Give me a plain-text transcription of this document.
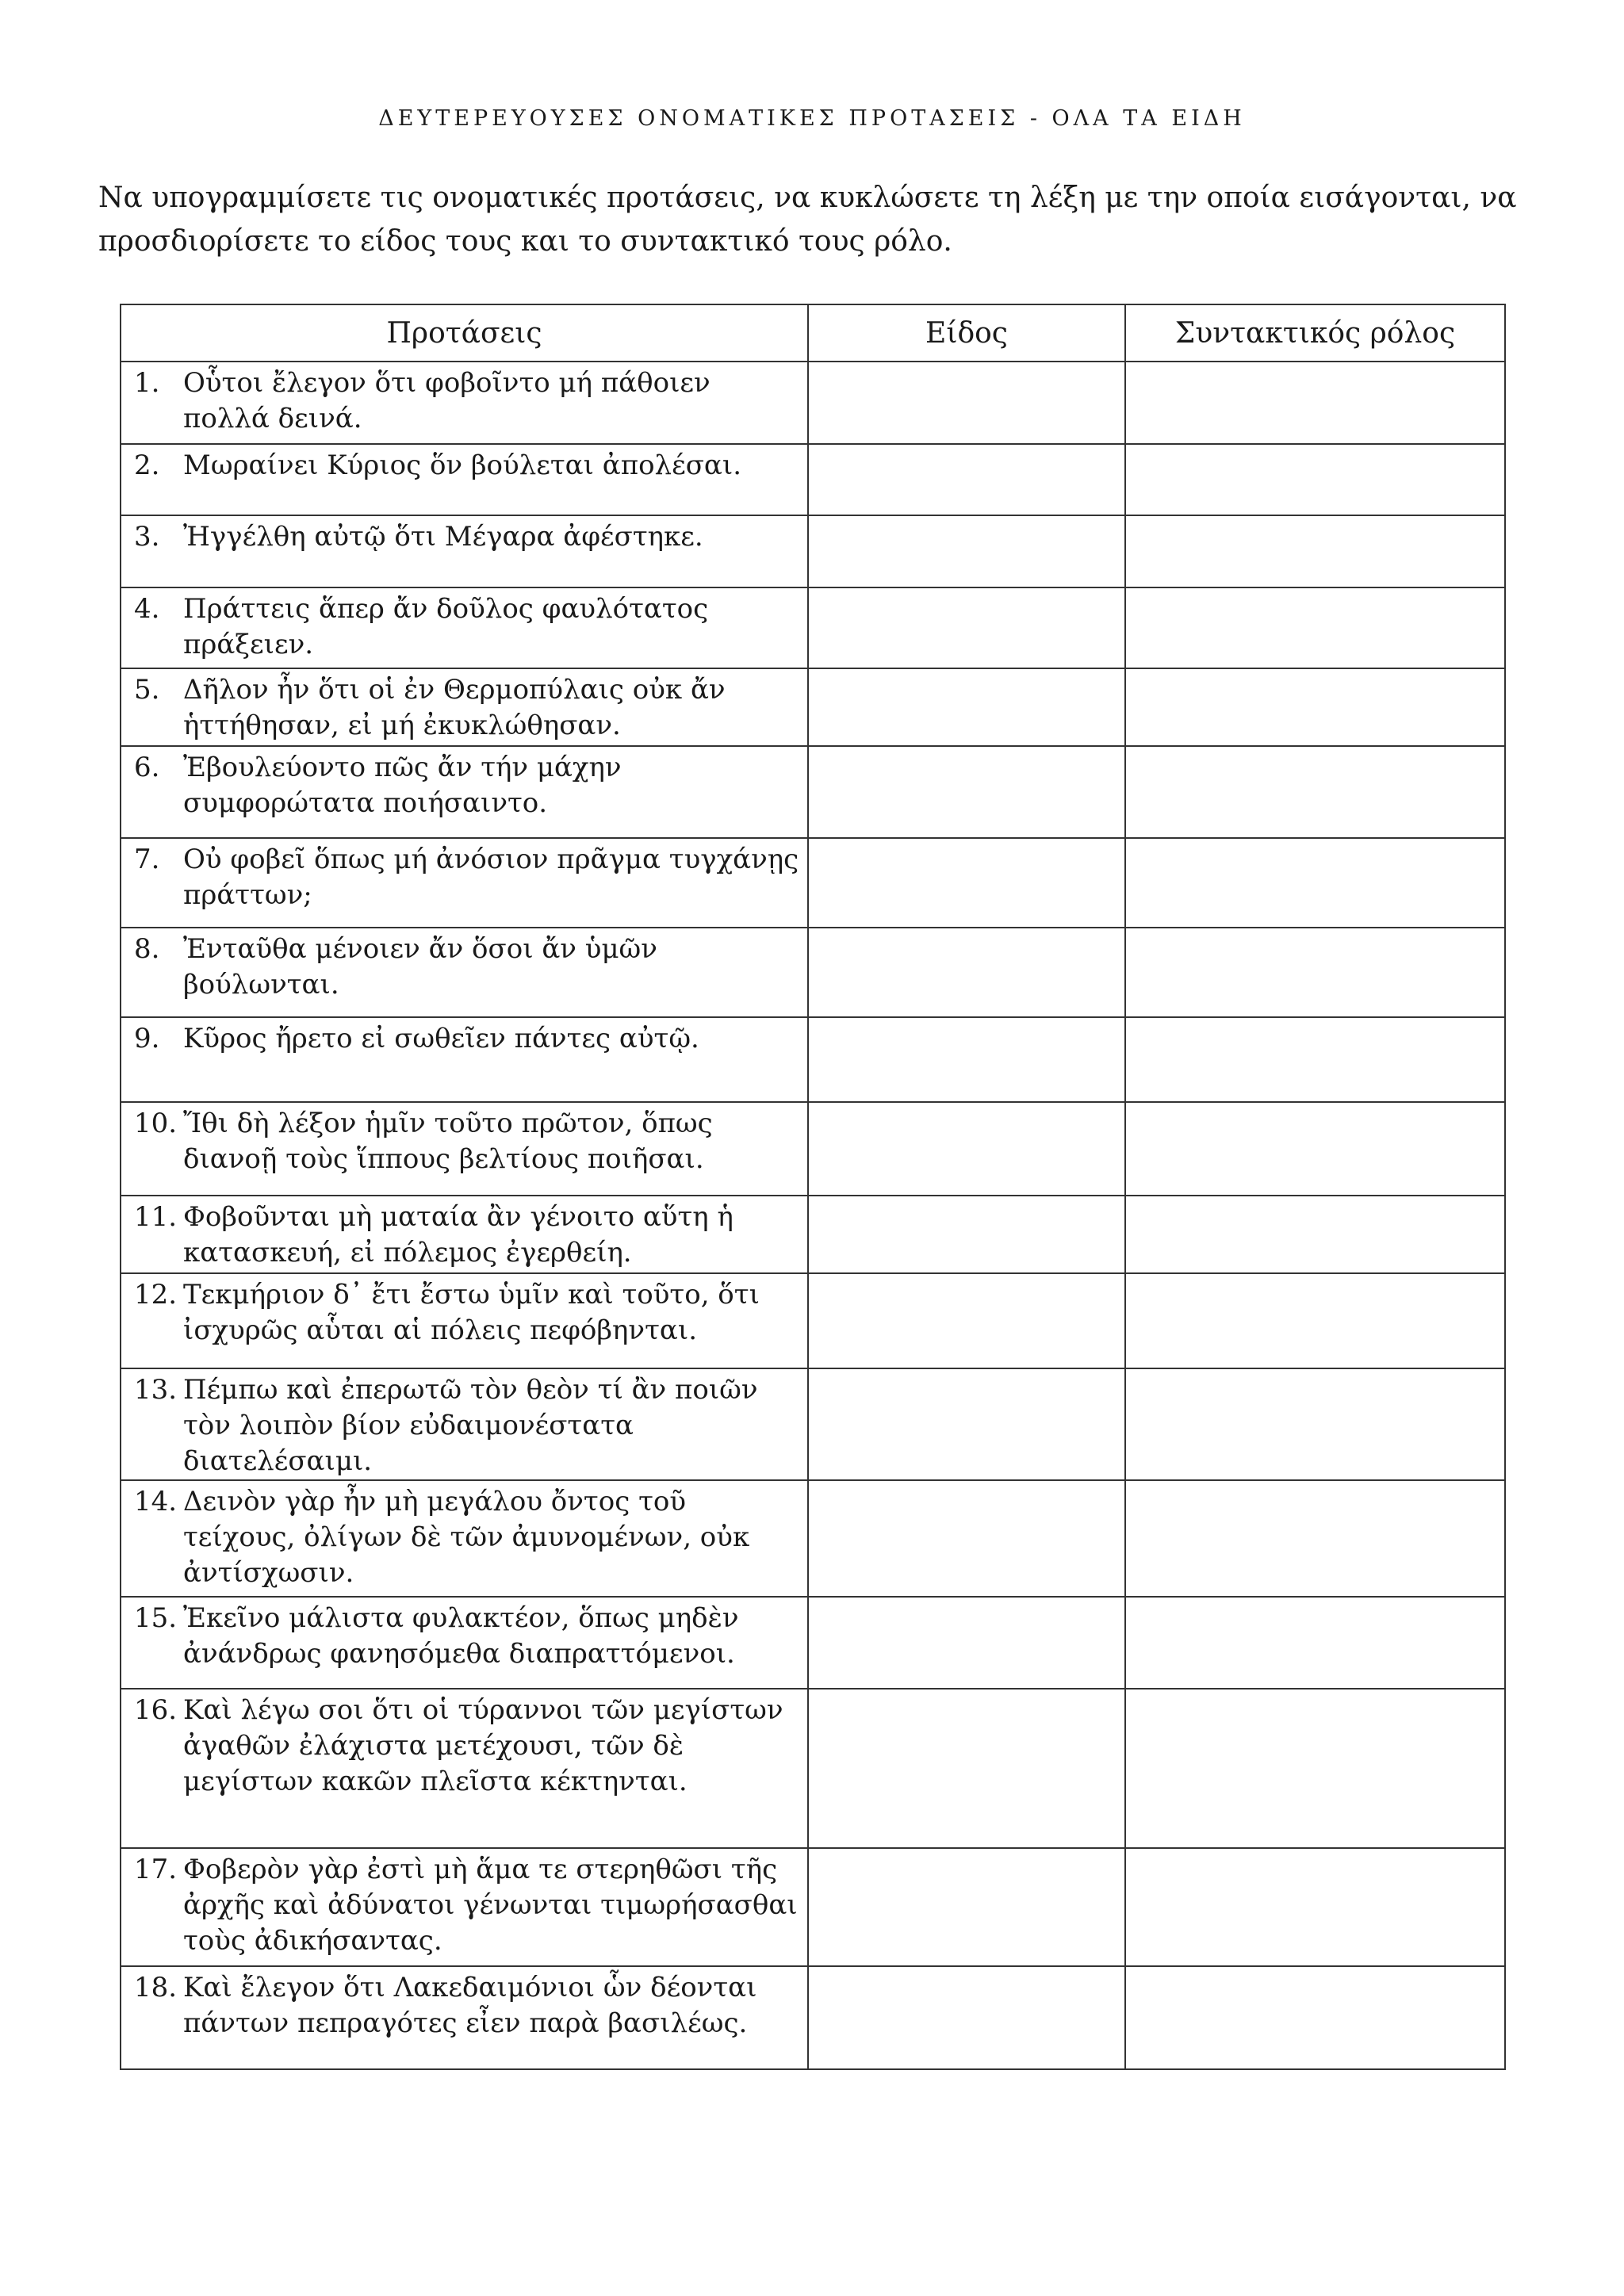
ΔΕΥΤΕΡΕΥΟΥΣΕΣ ΟΝΟΜΑΤΙΚΕΣ ΠΡΟΤΑΣΕΙΣ - ΟΛΑ ΤΑ ΕΙΔΗ
Να υπογραμμίσετε τις ονοματικές προτάσεις, να κυκλώσετε τη λέξη με την οποία εισάγονται, να προσδιορίσετε το είδος τους και το συντακτικό τους ρόλο.
Προτάσεις	Είδος	Συντακτικός ρόλος

1. Οὗτοι ἔλεγον ὅτι φοβοῖντο μή πάθοιεν πολλά δεινά.		

2. Μωραίνει Κύριος ὅν βούλεται ἀπολέσαι.		

3. Ἠγγέλθη αὐτῷ ὅτι Μέγαρα ἀφέστηκε.		

4. Πράττεις ἅπερ ἄν δοῦλος φαυλότατος πράξειεν.		

5. Δῆλον ἦν ὅτι οἱ ἐν Θερμοπύλαις οὐκ ἄν ἡττήθησαν, εἰ μή ἐκυκλώθησαν.		

6. Ἐβουλεύοντο πῶς ἄν τήν μάχην συμφορώτατα ποιήσαιντο.		

7. Οὐ φοβεῖ ὅπως μή ἀνόσιον πρᾶγμα τυγχάνῃς πράττων;		

8. Ἐνταῦθα μένοιεν ἄν ὅσοι ἄν ὑμῶν βούλωνται.		

9. Κῦρος ἤρετο εἰ σωθεῖεν πάντες αὐτῷ.		

10. Ἴθι δὴ λέξον ἡμῖν τοῦτο πρῶτον, ὅπως διανοῇ τοὺς ἵππους βελτίους ποιῆσαι.		

11. Φοβοῦνται μὴ ματαία ἂν γένοιτο αὕτη ἡ κατασκευή, εἰ πόλεμος ἐγερθείη.		

12. Τεκμήριον δ᾽ ἔτι ἔστω ὑμῖν καὶ τοῦτο, ὅτι ἰσχυρῶς αὗται αἱ πόλεις πεφόβηνται.		

13. Πέμπω καὶ ἐπερωτῶ τὸν θεὸν τί ἂν ποιῶν τὸν λοιπὸν βίον εὐδαιμονέστατα διατελέσαιμι.		

14. Δεινὸν γὰρ ἦν μὴ μεγάλου ὄντος τοῦ τείχους, ὀλίγων δὲ τῶν ἀμυνομένων, οὐκ ἀντίσχωσιν.		

15. Ἐκεῖνο μάλιστα φυλακτέον, ὅπως μηδὲν ἀνάνδρως φανησόμεθα διαπραττόμενοι.		

16. Καὶ λέγω σοι ὅτι οἱ τύραννοι τῶν μεγίστων ἀγαθῶν ἐλάχιστα μετέχουσι, τῶν δὲ μεγίστων κακῶν πλεῖστα κέκτηνται.		

17. Φοβερὸν γὰρ ἐστὶ μὴ ἅμα τε στερηθῶσι τῆς ἀρχῆς καὶ ἀδύνατοι γένωνται τιμωρήσασθαι τοὺς ἀδικήσαντας.		

18. Καὶ ἔλεγον ὅτι Λακεδαιμόνιοι ὧν δέονται πάντων πεπραγότες εἶεν παρὰ βασιλέως.		
